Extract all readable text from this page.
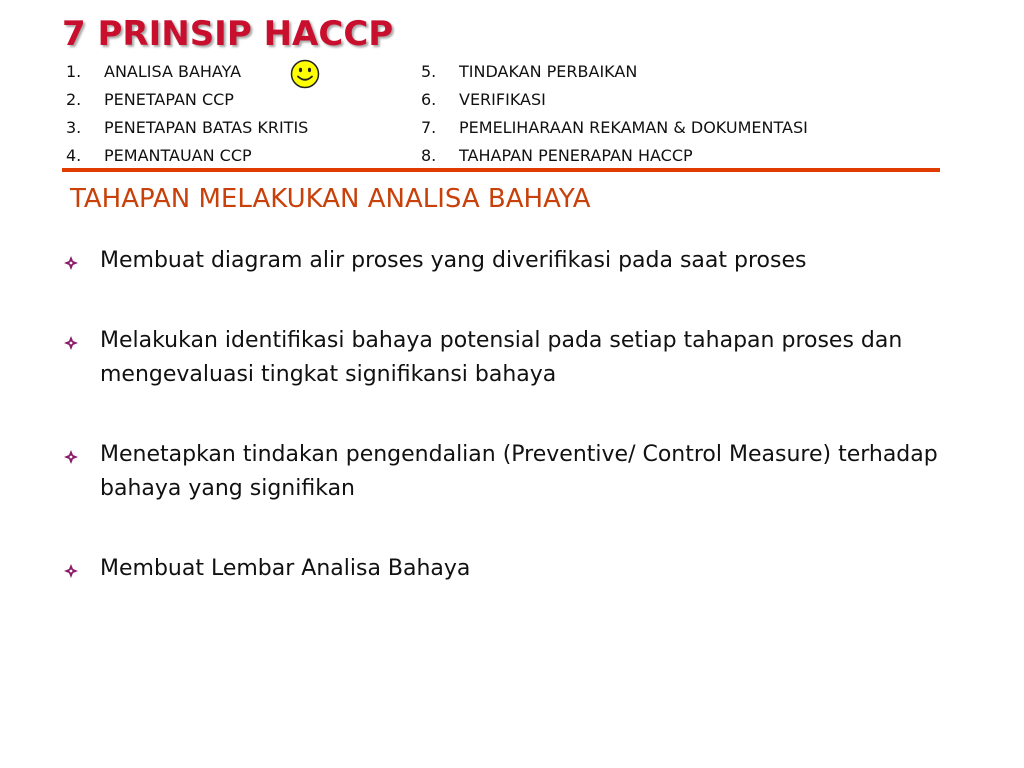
7 PRINSIP HACCP
1. ANALISA BAHAYA
2. PENETAPAN CCP
3. PENETAPAN BATAS KRITIS
4. PEMANTAUAN CCP
5. TINDAKAN PERBAIKAN
6. VERIFIKASI
7. PEMELIHARAAN REKAMAN & DOKUMENTASI
8. TAHAPAN PENERAPAN HACCP
TAHAPAN MELAKUKAN ANALISA BAHAYA
Membuat diagram alir proses yang diverifikasi pada saat proses
Melakukan identifikasi bahaya potensial pada setiap tahapan proses dan mengevaluasi tingkat signifikansi bahaya
Menetapkan tindakan pengendalian (Preventive/ Control Measure) terhadap bahaya yang signifikan
Membuat Lembar Analisa Bahaya
